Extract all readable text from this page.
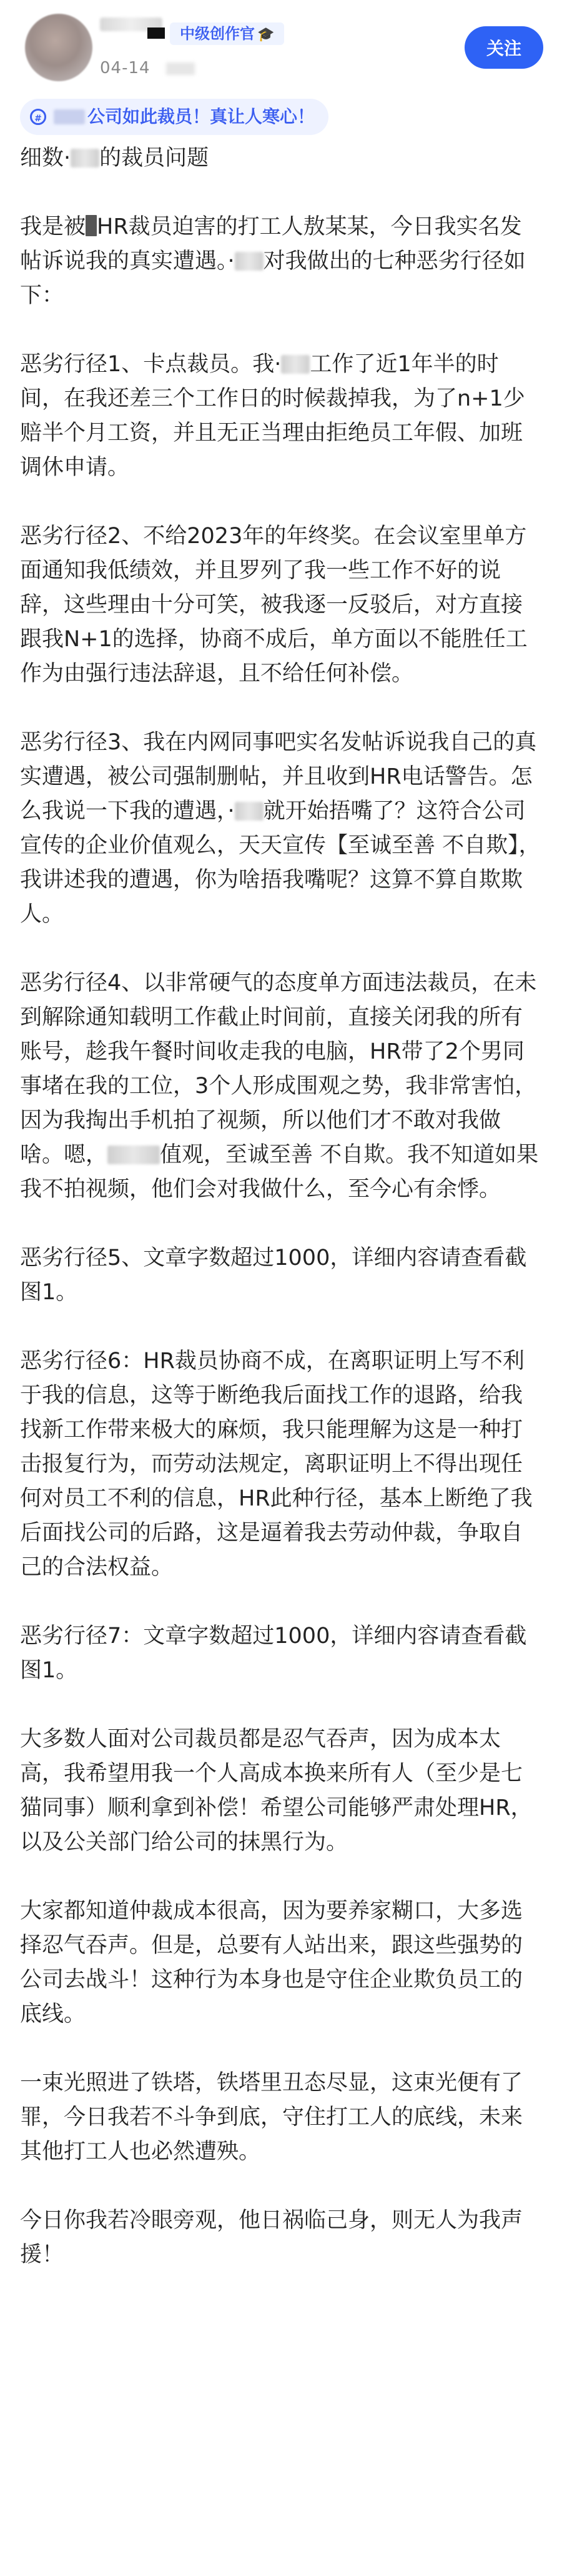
中级创作官 🎓
04-14
关注
#	公司如此裁员！真让人寒心！

细数· 的裁员问题

我是被 HR裁员迫害的打工人敖某某，今日我实名发帖诉说我的真实遭遇。· 对我做出的七种恶劣行径如下：

恶劣行径1、卡点裁员。我· 工作了近1年半的时间，在我还差三个工作日的时候裁掉我，为了n+1少赔半个月工资，并且无正当理由拒绝员工年假、加班调休申请。

恶劣行径2、不给2023年的年终奖。在会议室里单方面通知我低绩效，并且罗列了我一些工作不好的说辞，这些理由十分可笑，被我逐一反驳后，对方直接跟我N+1的选择，协商不成后，单方面以不能胜任工作为由强行违法辞退，且不给任何补偿。

恶劣行径3、我在内网同事吧实名发帖诉说我自己的真实遭遇，被公司强制删帖，并且收到HR电话警告。怎么我说一下我的遭遇，· 就开始捂嘴了？这符合公司宣传的企业价值观么，天天宣传【至诚至善 不自欺】，我讲述我的遭遇，你为啥捂我嘴呢？这算不算自欺欺人。

恶劣行径4、以非常硬气的态度单方面违法裁员，在未到解除通知载明工作截止时间前，直接关闭我的所有账号，趁我午餐时间收走我的电脑，HR带了2个男同事堵在我的工位，3个人形成围观之势，我非常害怕，因为我掏出手机拍了视频，所以他们才不敢对我做啥。嗯， 值观，至诚至善 不自欺。我不知道如果我不拍视频，他们会对我做什么，至今心有余悸。

恶劣行径5、文章字数超过1000，详细内容请查看截图1。

恶劣行径6：HR裁员协商不成，在离职证明上写不利于我的信息，这等于断绝我后面找工作的退路，给我找新工作带来极大的麻烦，我只能理解为这是一种打击报复行为，而劳动法规定，离职证明上不得出现任何对员工不利的信息，HR此种行径，基本上断绝了我后面找公司的后路，这是逼着我去劳动仲裁，争取自己的合法权益。

恶劣行径7：文章字数超过1000，详细内容请查看截图1。

大多数人面对公司裁员都是忍气吞声，因为成本太高，我希望用我一个人高成本换来所有人（至少是七猫同事）顺利拿到补偿！希望公司能够严肃处理HR，以及公关部门给公司的抹黑行为。

大家都知道仲裁成本很高，因为要养家糊口，大多选择忍气吞声。但是，总要有人站出来，跟这些强势的公司去战斗！这种行为本身也是守住企业欺负员工的底线。

一束光照进了铁塔，铁塔里丑态尽显，这束光便有了罪，今日我若不斗争到底，守住打工人的底线，未来其他打工人也必然遭殃。

今日你我若冷眼旁观，他日祸临己身，则无人为我声援！
